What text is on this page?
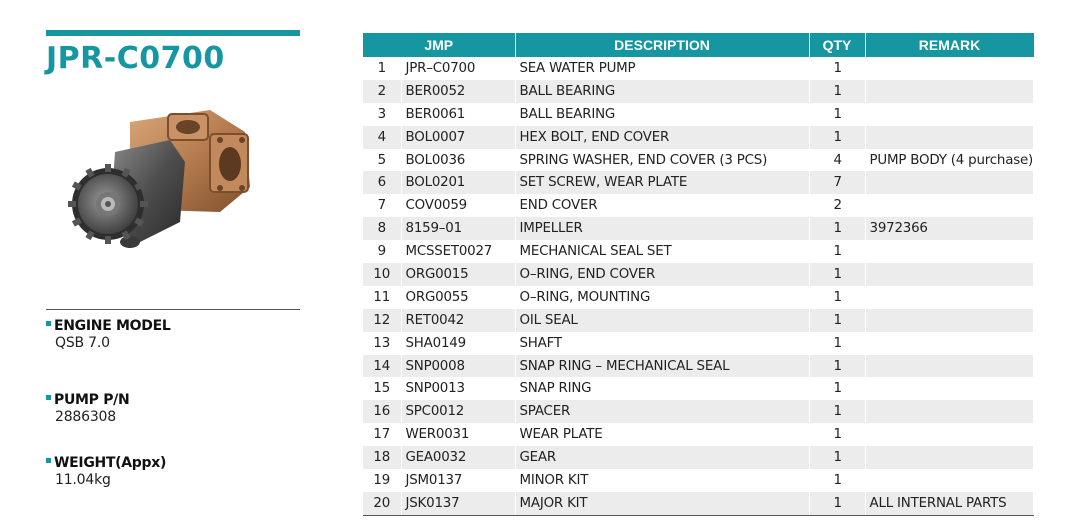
JPR-C0700
ENGINE MODEL
QSB 7.0
PUMP P/N
2886308
WEIGHT(Appx)
11.04kg
JMP		DESCRIPTION	QTY	REMARK
1	JPR–C0700	SEA WATER PUMP	1	
2	BER0052	BALL BEARING	1	
3	BER0061	BALL BEARING	1	
4	BOL0007	HEX BOLT, END COVER	1	
5	BOL0036	SPRING WASHER, END COVER (3 PCS)	4	PUMP BODY (4 purchase)
6	BOL0201	SET SCREW, WEAR PLATE	7	
7	COV0059	END COVER	2	
8	8159–01	IMPELLER	1	3972366
9	MCSSET0027	MECHANICAL SEAL SET	1	
10	ORG0015	O–RING, END COVER	1	
11	ORG0055	O–RING, MOUNTING	1	
12	RET0042	OIL SEAL	1	
13	SHA0149	SHAFT	1	
14	SNP0008	SNAP RING – MECHANICAL SEAL	1	
15	SNP0013	SNAP RING	1	
16	SPC0012	SPACER	1	
17	WER0031	WEAR PLATE	1	
18	GEA0032	GEAR	1	
19	JSM0137	MINOR KIT	1	
20	JSK0137	MAJOR KIT	1	ALL INTERNAL PARTS
